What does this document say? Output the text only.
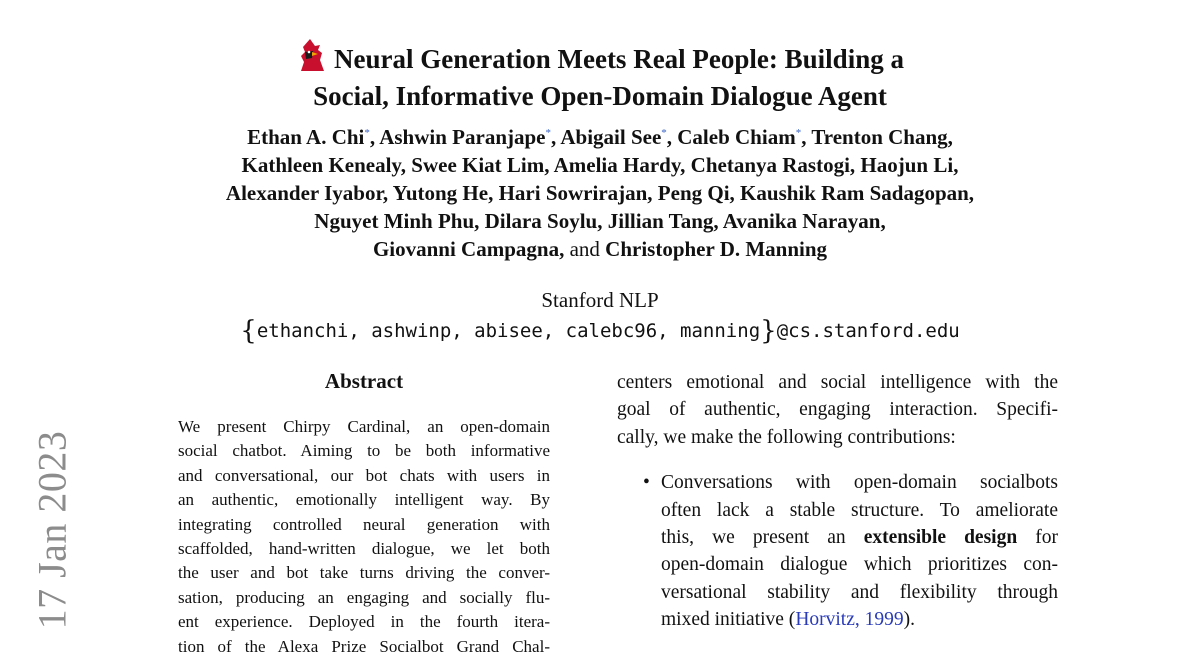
17 Jan 2023
Neural Generation Meets Real People: Building a
Social, Informative Open-Domain Dialogue Agent
Ethan A. Chi*, Ashwin Paranjape*, Abigail See*, Caleb Chiam*, Trenton Chang,
Kathleen Kenealy, Swee Kiat Lim, Amelia Hardy, Chetanya Rastogi, Haojun Li,
Alexander Iyabor, Yutong He, Hari Sowrirajan, Peng Qi, Kaushik Ram Sadagopan,
Nguyet Minh Phu, Dilara Soylu, Jillian Tang, Avanika Narayan,
Giovanni Campagna, and Christopher D. Manning
Stanford NLP
{ethanchi, ashwinp, abisee, calebc96, manning}@cs.stanford.edu
Abstract
We present Chirpy Cardinal, an open-domain
social chatbot. Aiming to be both informative
and conversational, our bot chats with users in
an authentic, emotionally intelligent way. By
integrating controlled neural generation with
scaffolded, hand-written dialogue, we let both
the user and bot take turns driving the conver-
sation, producing an engaging and socially flu-
ent experience. Deployed in the fourth itera-
tion of the Alexa Prize Socialbot Grand Chal-
centers emotional and social intelligence with the
goal of authentic, engaging interaction. Specifi-
cally, we make the following contributions:
• Conversations with open-domain socialbots
often lack a stable structure. To ameliorate
this, we present an extensible design for
open-domain dialogue which prioritizes con-
versational stability and flexibility through
mixed initiative (Horvitz, 1999).
